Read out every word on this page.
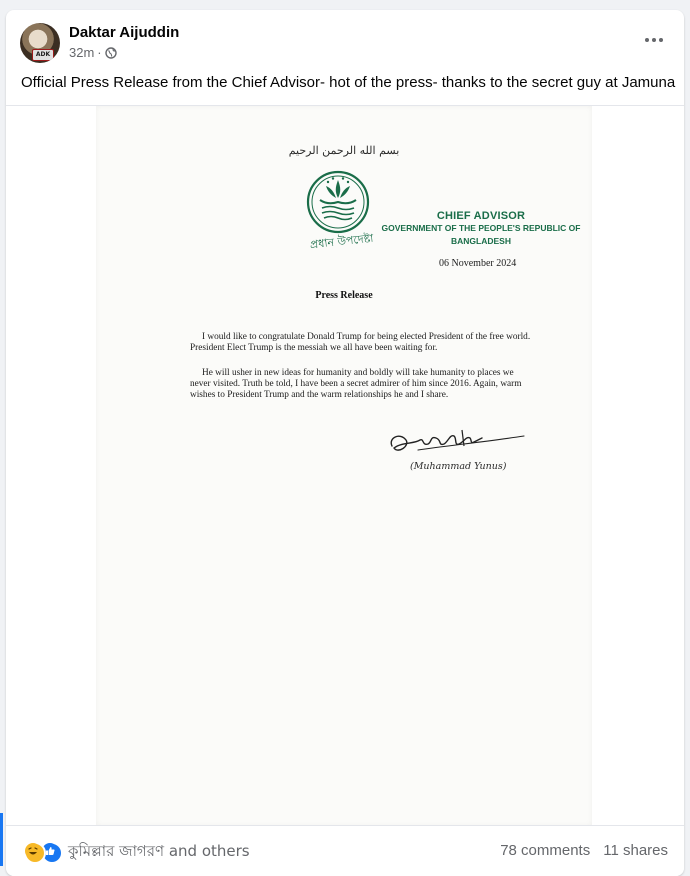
ADK
Daktar Aijuddin
32m ·
Official Press Release from the Chief Advisor- hot of the press- thanks to the secret guy at Jamuna
بسم الله الرحمن الرحيم
প্রধান উপদেষ্টা
CHIEF ADVISOR
GOVERNMENT OF THE PEOPLE'S REPUBLIC OF
BANGLADESH
06 November 2024
Press Release
I would like to congratulate Donald Trump for being elected President of the free world. President Elect Trump is the messiah we all have been waiting for.
He will usher in new ideas for humanity and boldly will take humanity to places we never visited. Truth be told, I have been a secret admirer of him since 2016. Again, warm wishes to President Trump and the warm relationships he and I share.
(Muhammad Yunus)
কুমিল্লার জাগরণ and others	78 comments 11 shares
